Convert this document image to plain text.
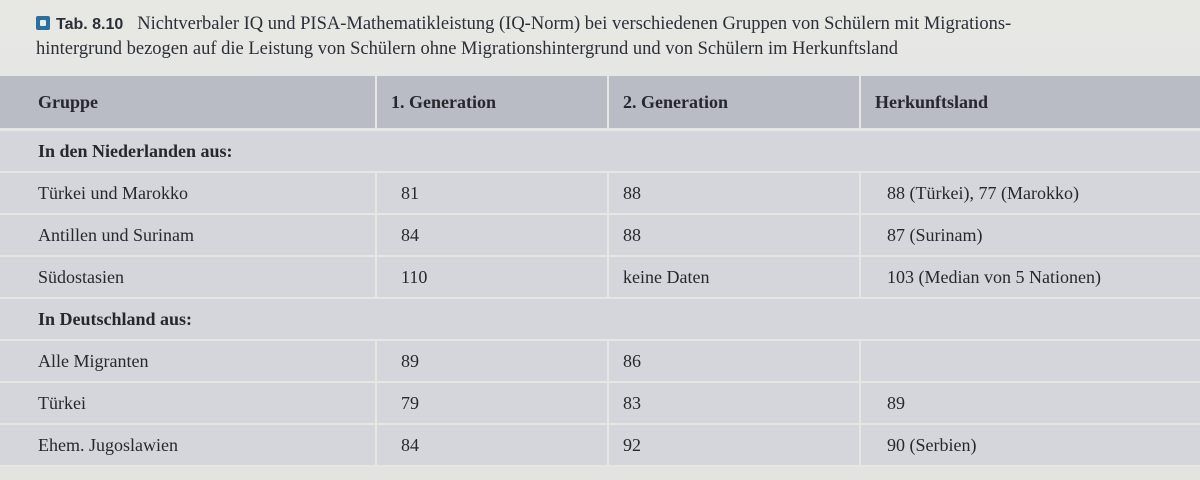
Tab. 8.10 Nichtverbaler IQ und PISA-Mathematikleistung (IQ-Norm) bei verschiedenen Gruppen von Schülern mit Migrations-
hintergrund bezogen auf die Leistung von Schülern ohne Migrationshintergrund und von Schülern im Herkunftsland
Gruppe	1. Generation	2. Generation	Herkunftsland
In den Niederlanden aus:			
Türkei und Marokko	81	88	88 (Türkei), 77 (Marokko)
Antillen und Surinam	84	88	87 (Surinam)
Südostasien	110	keine Daten	103 (Median von 5 Nationen)
In Deutschland aus:			
Alle Migranten	89	86	
Türkei	79	83	89
Ehem. Jugoslawien	84	92	90 (Serbien)
